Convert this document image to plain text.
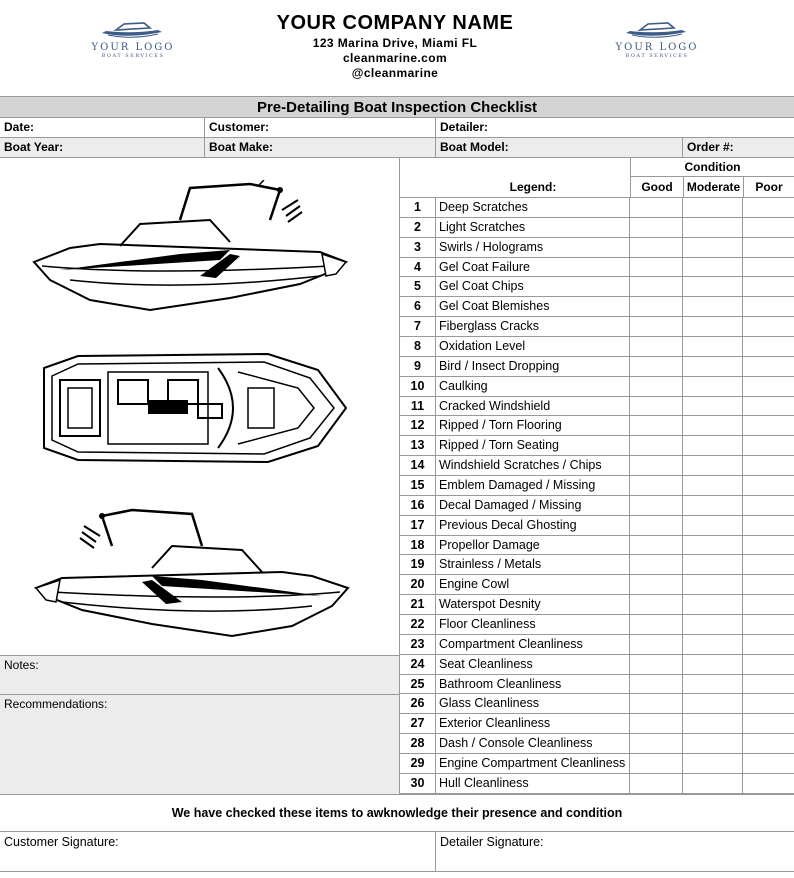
YOUR LOGO
BOAT SERVICES
YOUR COMPANY NAME
123 Marina Drive, Miami FL
cleanmarine.com
@cleanmarine
YOUR LOGO
BOAT SERVICES
Pre-Detailing Boat Inspection Checklist
Date:	Customer:	Detailer:
Boat Year:	Boat Make:	Boat Model:	Order #:
Condition
Legend:	Good	Moderate	Poor
1	Deep Scratches
2	Light Scratches
3	Swirls / Holograms
4	Gel Coat Failure
5	Gel Coat Chips
6	Gel Coat Blemishes
7	Fiberglass Cracks
8	Oxidation Level
9	Bird / Insect Dropping
10	Caulking
11	Cracked Windshield
12	Ripped / Torn Flooring
13	Ripped / Torn Seating
14	Windshield Scratches / Chips
15	Emblem Damaged / Missing
16	Decal Damaged / Missing
17	Previous Decal Ghosting
18	Propellor Damage
19	Strainless / Metals
20	Engine Cowl
21	Waterspot Desnity
22	Floor Cleanliness
23	Compartment Cleanliness
24	Seat Cleanliness
25	Bathroom Cleanliness
26	Glass Cleanliness
27	Exterior Cleanliness
28	Dash / Console Cleanliness
29	Engine Compartment Cleanliness
30	Hull Cleanliness
Notes:
Recommendations:
We have checked these items to awknowledge their presence and condition
Customer Signature:	Detailer Signature:
